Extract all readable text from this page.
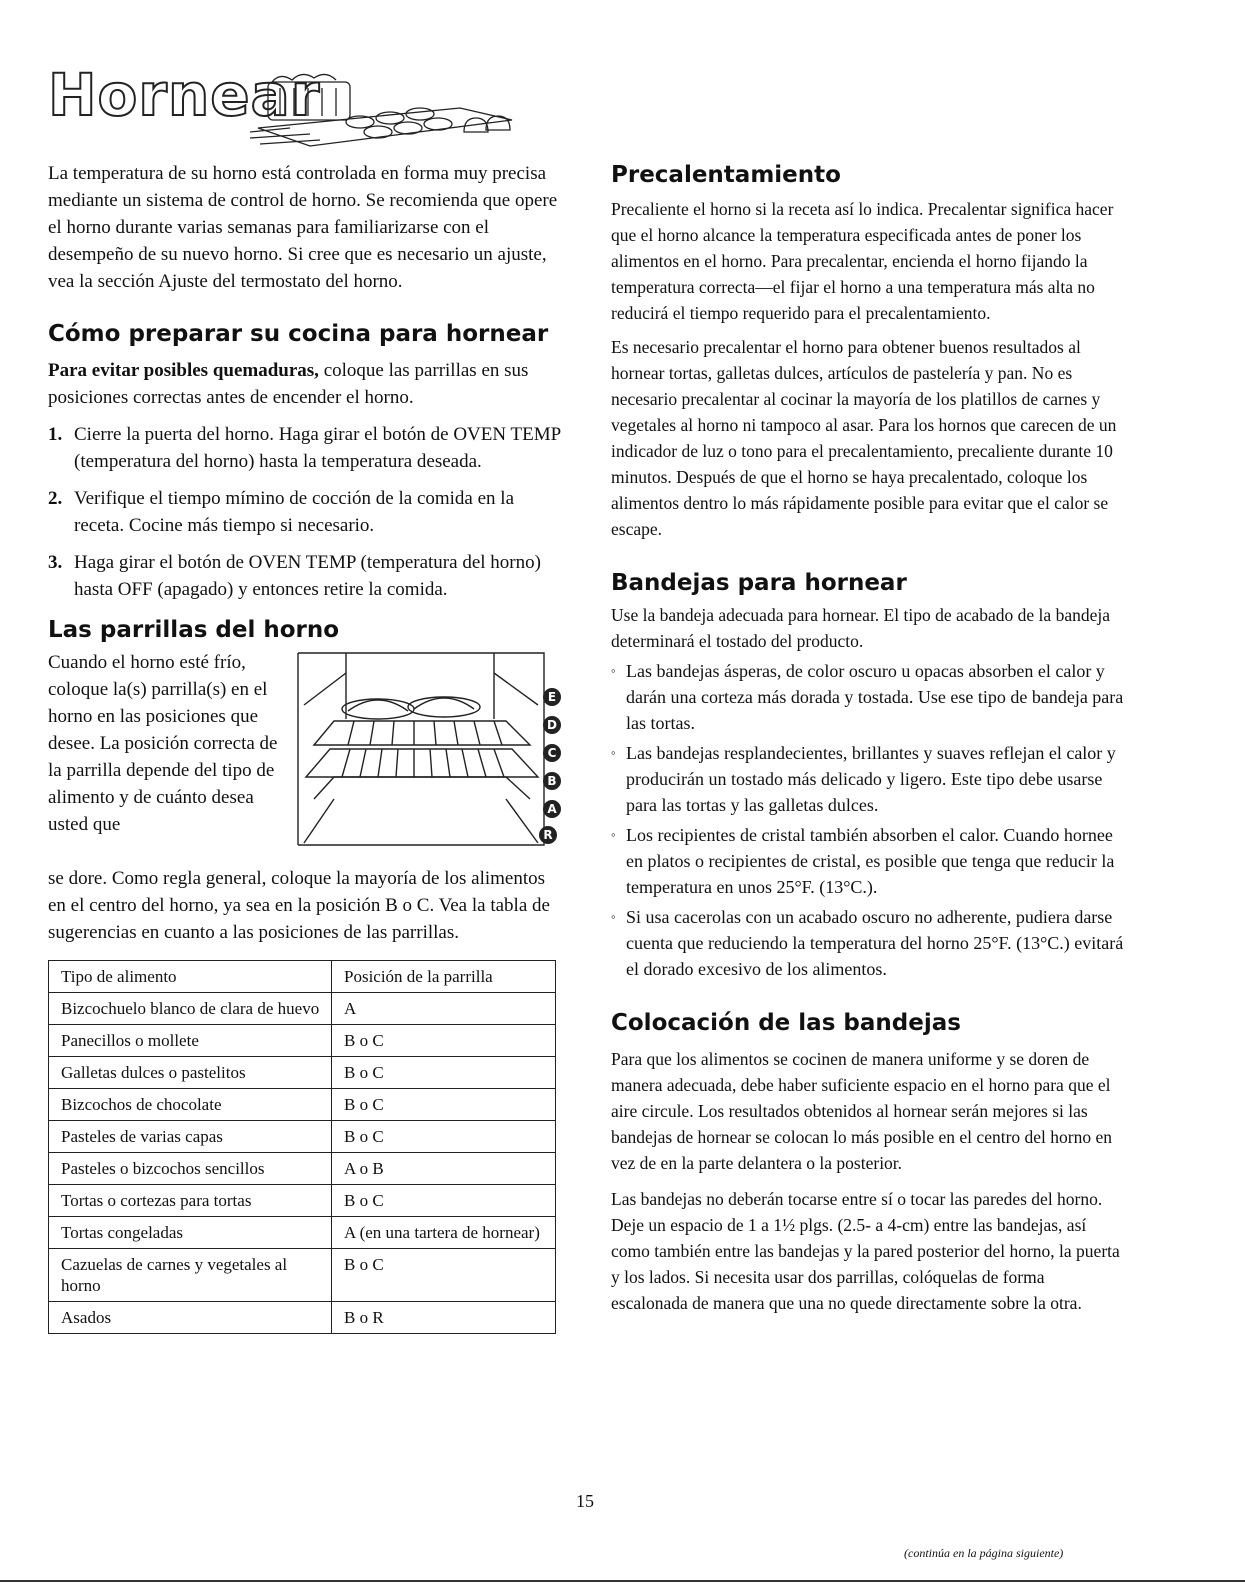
Hornear

La temperatura de su horno está controlada en forma muy precisa mediante un sistema de control de horno. Se recomienda que opere el horno durante varias semanas para familiarizarse con el desempeño de su nuevo horno. Si cree que es necesario un ajuste, vea la sección Ajuste del termostato del horno.

Cómo preparar su cocina para hornear

Para evitar posibles quemaduras, coloque las parrillas en sus posiciones correctas antes de encender el horno.

1. Cierre la puerta del horno. Haga girar el botón de OVEN TEMP (temperatura del horno) hasta la temperatura deseada.
2. Verifique el tiempo mímino de cocción de la comida en la receta. Cocine más tiempo si necesario.
3. Haga girar el botón de OVEN TEMP (temperatura del horno) hasta OFF (apagado) y entonces retire la comida.
Las parrillas del horno

Cuando el horno esté frío, coloque la(s) parrilla(s) en el horno en las posiciones que desee. La posición correcta de la parrilla depende del tipo de alimento y de cuánto desea usted que

E
D
C
B
A
R

se dore. Como regla general, coloque la mayoría de los alimentos en el centro del horno, ya sea en la posición B o C. Vea la tabla de sugerencias en cuanto a las posiciones de las parrillas.

Tipo de alimento	Posición de la parrilla
Bizcochuelo blanco de clara de huevo	A
Panecillos o mollete	B o C
Galletas dulces o pastelitos	B o C
Bizcochos de chocolate	B o C
Pasteles de varias capas	B o C
Pasteles o bizcochos sencillos	A o B
Tortas o cortezas para tortas	B o C
Tortas congeladas	A (en una tartera de hornear)
Cazuelas de carnes y vegetales al horno	B o C
Asados	B o R
Precalentamiento

Precaliente el horno si la receta así lo indica. Precalentar significa hacer que el horno alcance la temperatura especificada antes de poner los alimentos en el horno. Para precalentar, encienda el horno fijando la temperatura correcta—el fijar el horno a una temperatura más alta no reducirá el tiempo requerido para el precalentamiento.

Es necesario precalentar el horno para obtener buenos resultados al hornear tortas, galletas dulces, artículos de pastelería y pan. No es necesario precalentar al cocinar la mayoría de los platillos de carnes y vegetales al horno ni tampoco al asar. Para los hornos que carecen de un indicador de luz o tono para el precalentamiento, precaliente durante 10 minutos. Después de que el horno se haya precalentado, coloque los alimentos dentro lo más rápidamente posible para evitar que el calor se escape.

Bandejas para hornear

Use la bandeja adecuada para hornear. El tipo de acabado de la bandeja determinará el tostado del producto.

◦ Las bandejas ásperas, de color oscuro u opacas absorben el calor y darán una corteza más dorada y tostada. Use ese tipo de bandeja para las tortas.
◦ Las bandejas resplandecientes, brillantes y suaves reflejan el calor y producirán un tostado más delicado y ligero. Este tipo debe usarse para las tortas y las galletas dulces.
◦ Los recipientes de cristal también absorben el calor. Cuando hornee en platos o recipientes de cristal, es posible que tenga que reducir la temperatura en unos 25°F. (13°C.).
◦ Si usa cacerolas con un acabado oscuro no adherente, pudiera darse cuenta que reduciendo la temperatura del horno 25°F. (13°C.) evitará el dorado excesivo de los alimentos.
Colocación de las bandejas

Para que los alimentos se cocinen de manera uniforme y se doren de manera adecuada, debe haber suficiente espacio en el horno para que el aire circule. Los resultados obtenidos al hornear serán mejores si las bandejas de hornear se colocan lo más posible en el centro del horno en vez de en la parte delantera o la posterior.

Las bandejas no deberán tocarse entre sí o tocar las paredes del horno. Deje un espacio de 1 a 1½ plgs. (2.5- a 4-cm) entre las bandejas, así como también entre las bandejas y la pared posterior del horno, la puerta y los lados. Si necesita usar dos parrillas, colóquelas de forma escalonada de manera que una no quede directamente sobre la otra.

15
(continúa en la página siguiente)
